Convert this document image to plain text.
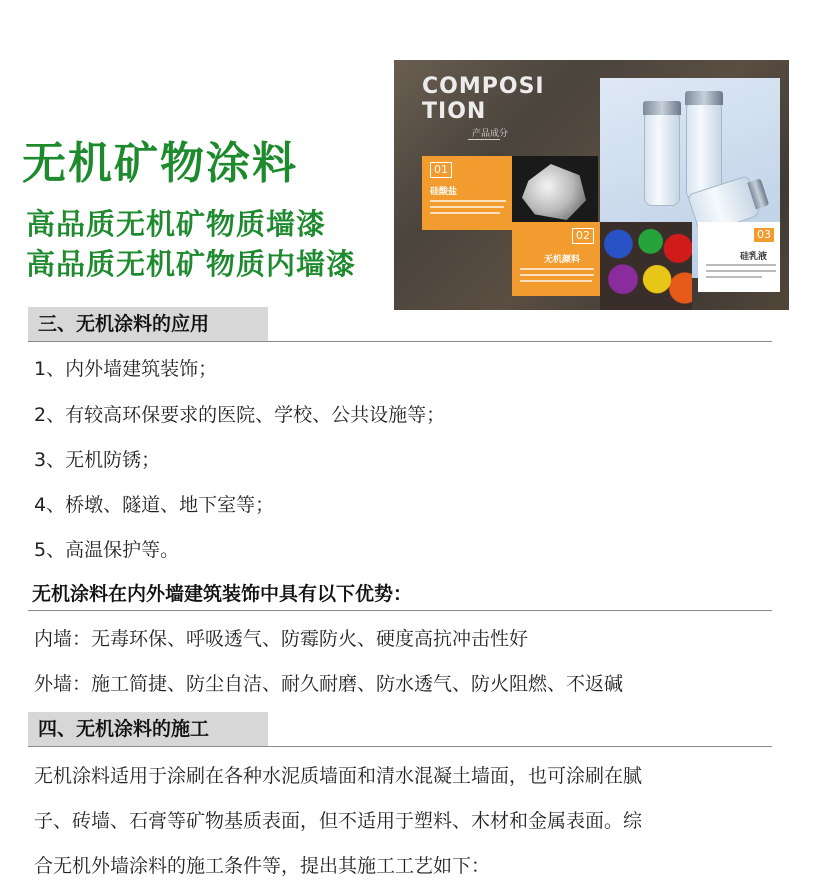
无机矿物涂料
高品质无机矿物质墙漆
高品质无机矿物质内墙漆
COMPOSI
TION
产品成分
01
硅酸盐
02
无机颜料
03
硅乳液
三、无机涂料的应用
1、内外墙建筑装饰；
2、有较高环保要求的医院、学校、公共设施等；
3、无机防锈；
4、桥墩、隧道、地下室等；
5、高温保护等。
无机涂料在内外墙建筑装饰中具有以下优势：
内墙：无毒环保、呼吸透气、防霉防火、硬度高抗冲击性好
外墙：施工简捷、防尘自洁、耐久耐磨、防水透气、防火阻燃、不返碱
四、无机涂料的施工
无机涂料适用于涂刷在各种水泥质墙面和清水混凝土墙面，也可涂刷在腻
子、砖墙、石膏等矿物基质表面，但不适用于塑料、木材和金属表面。综
合无机外墙涂料的施工条件等，提出其施工工艺如下：
